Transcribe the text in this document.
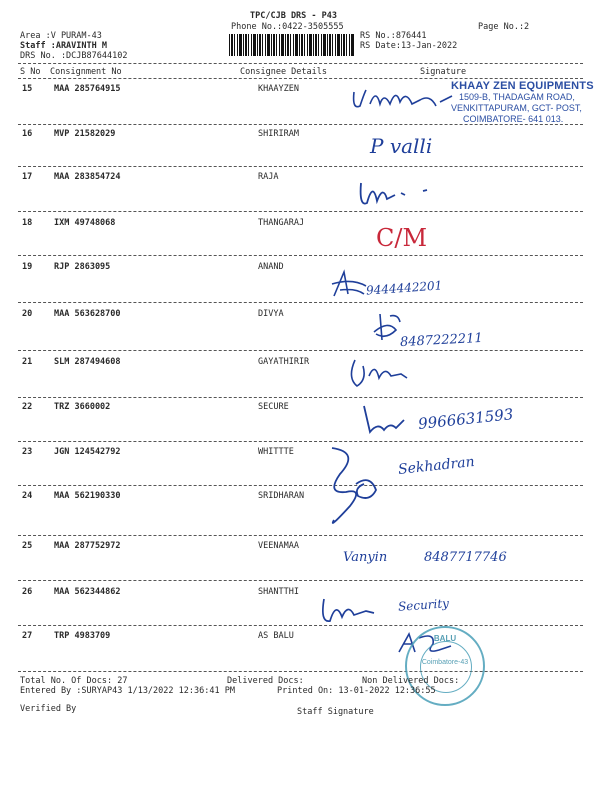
TPC/CJB DRS - P43
Phone No.:0422-3505555	Page No.:2
Area :V PURAM-43
Staff :ARAVINTH M
DRS No. :DCJB87644102
RS No.:876441
RS Date:13-Jan-2022
S No Consignment No	Consignee Details	Signature
15	MAA 285764915	KHAAYZEN
16	MVP 21582029	SHIRIRAM
17	MAA 283854724	RAJA
18	IXM 49748068	THANGARAJ
19	RJP 2863095	ANAND
20	MAA 563628700	DIVYA
21	SLM 287494608	GAYATHIRIR
22	TRZ 3660002	SECURE
23	JGN 124542792	WHITTTE
24	MAA 562190330	SRIDHARAN
25	MAA 287752972	VEENAMAA
26	MAA 562344862	SHANTTHI
27	TRP 4983709	AS BALU
KHAAY ZEN EQUIPMENTS
1509-B, THADAGAM ROAD,
VENKITTAPURAM, GCT- POST,
COIMBATORE- 641 013.
P valli
C/M
9444442201
8487222211
9966631593
Sekhadran
Vanyin	8487717746
Security
BALU
Coimbatore-43
Total No. Of Docs: 27	Delivered Docs:	Non Delivered Docs:
Entered By :SURYAP43 1/13/2022 12:36:41 PM	Printed On: 13-01-2022 12:36:55
Verified By	Staff Signature
